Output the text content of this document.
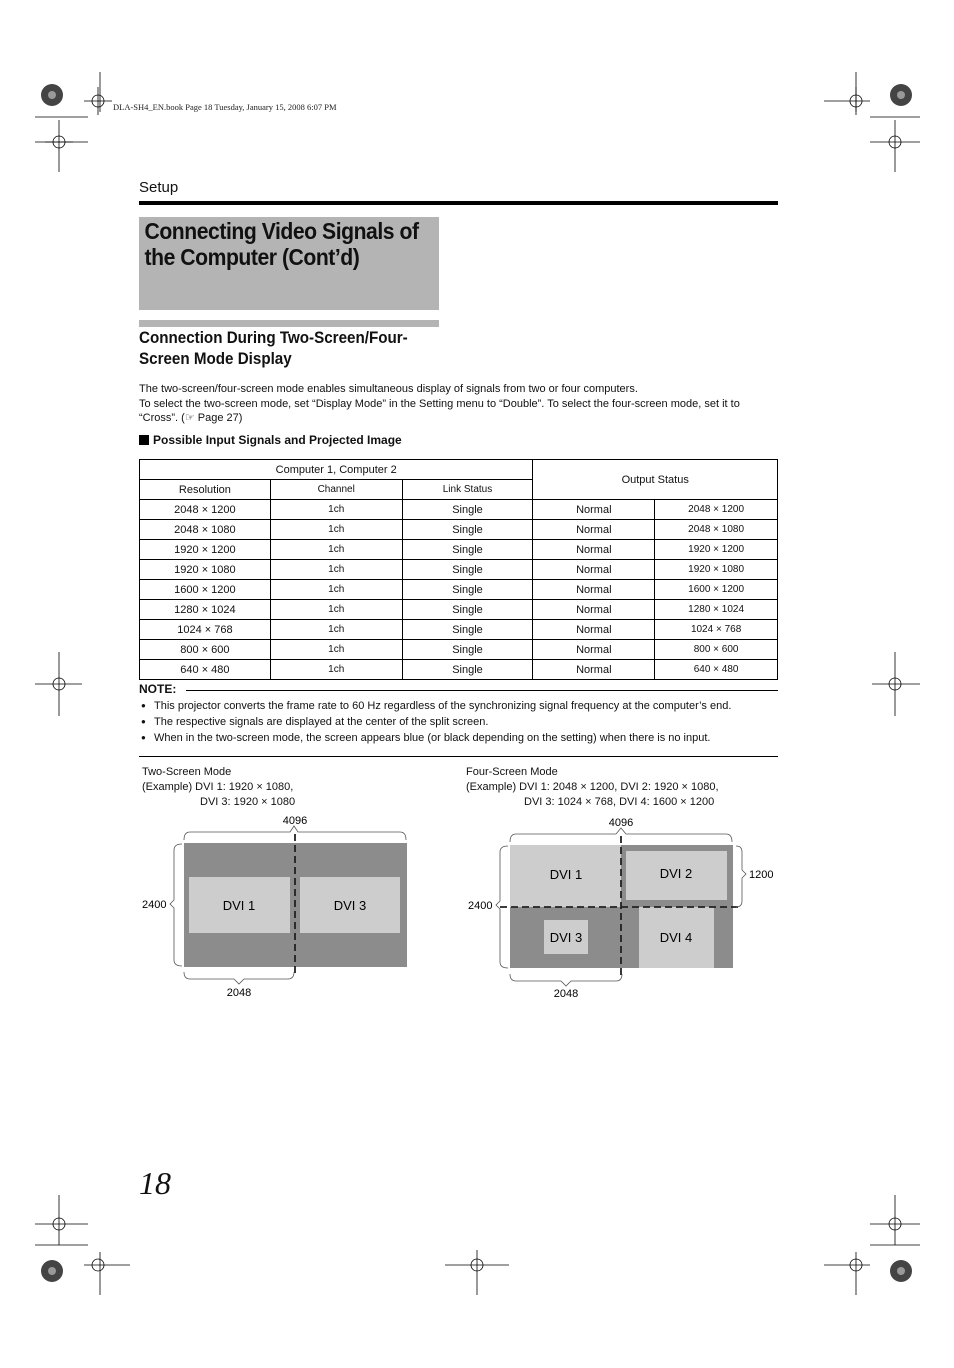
DLA-SH4_EN.book Page 18 Tuesday, January 15, 2008 6:07 PM
Setup
Connecting Video Signals of
the Computer (Cont’d)
Connection During Two-Screen/Four-
Screen Mode Display
The two-screen/four-screen mode enables simultaneous display of signals from two or four computers.
To select the two-screen mode, set “Display Mode” in the Setting menu to “Double”. To select the four-screen mode, set it to “Cross”. (☞ Page 27)
Possible Input Signals and Projected Image
Computer 1, Computer 2			Output Status	
Resolution	Channel	Link Status		
2048 × 1200	1ch	Single	Normal	2048 × 1200
2048 × 1080	1ch	Single	Normal	2048 × 1080
1920 × 1200	1ch	Single	Normal	1920 × 1200
1920 × 1080	1ch	Single	Normal	1920 × 1080
1600 × 1200	1ch	Single	Normal	1600 × 1200
1280 × 1024	1ch	Single	Normal	1280 × 1024
1024 × 768	1ch	Single	Normal	1024 × 768
800 × 600	1ch	Single	Normal	800 × 600
640 × 480	1ch	Single	Normal	640 × 480
NOTE:
● This projector converts the frame rate to 60 Hz regardless of the synchronizing signal frequency at the computer’s end.
● The respective signals are displayed at the center of the split screen.
● When in the two-screen mode, the screen appears blue (or black depending on the setting) when there is no input.
Two-Screen Mode
(Example) DVI 1: 1920 × 1080,
DVI 3: 1920 × 1080
Four-Screen Mode
(Example) DVI 1: 2048 × 1200, DVI 2: 1920 × 1080,
DVI 3: 1024 × 768, DVI 4: 1600 × 1200
4096
DVI 1	DVI 3
2400
2048
4096
DVI 1	DVI 2
DVI 3	DVI 4
2400
1200
2048
18
